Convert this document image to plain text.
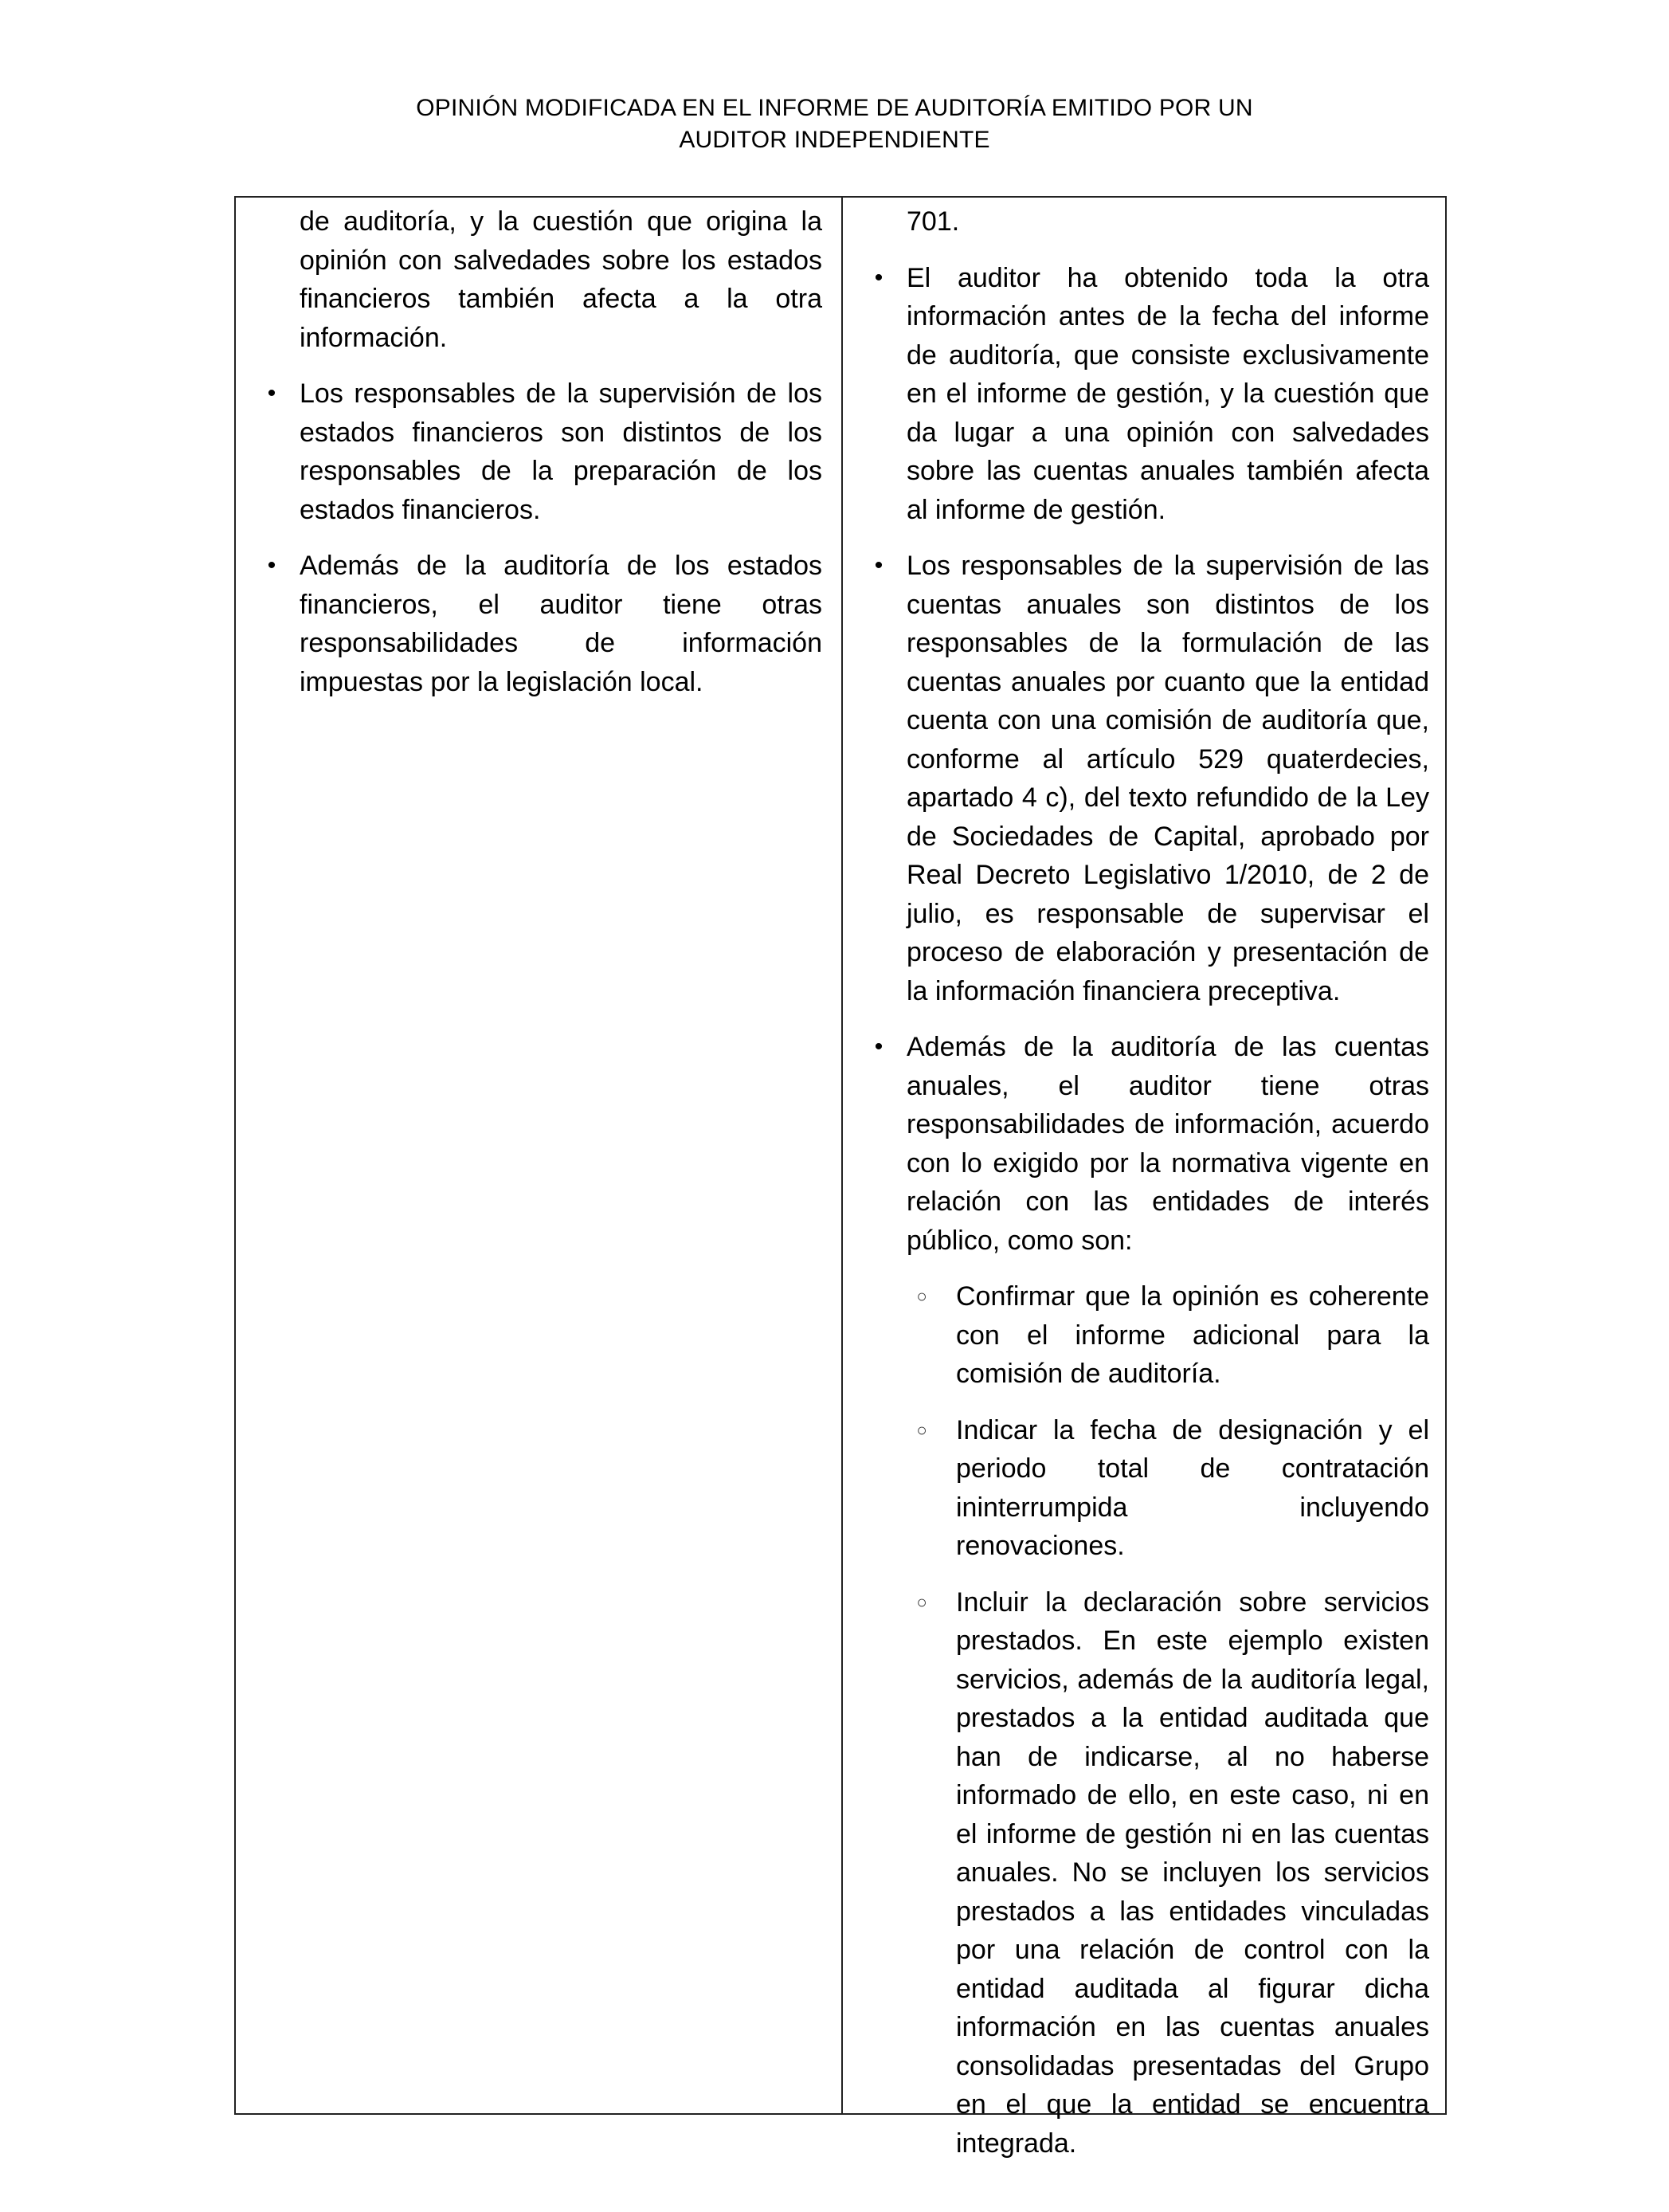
OPINIÓN MODIFICADA EN EL INFORME DE AUDITORÍA EMITIDO POR UN
AUDITOR INDEPENDIENTE

de auditoría, y la cuestión que origina la opinión con salvedades sobre los estados financieros también afecta a la otra información.

• Los responsables de la supervisión de los estados financieros son distintos de los responsables de la preparación de los estados financieros.

• Además de la auditoría de los estados financieros, el auditor tiene otras responsabilidades de información impuestas por la legislación local.

701.

• El auditor ha obtenido toda la otra información antes de la fecha del informe de auditoría, que consiste exclusivamente en el informe de gestión, y la cuestión que da lugar a una opinión con salvedades sobre las cuentas anuales también afecta al informe de gestión.

• Los responsables de la supervisión de las cuentas anuales son distintos de los responsables de la formulación de las cuentas anuales por cuanto que la entidad cuenta con una comisión de auditoría que, conforme al artículo 529 quaterdecies, apartado 4 c), del texto refundido de la Ley de Sociedades de Capital, aprobado por Real Decreto Legislativo 1/2010, de 2 de julio, es responsable de supervisar el proceso de elaboración y presentación de la información financiera preceptiva.

• Además de la auditoría de las cuentas anuales, el auditor tiene otras responsabilidades de información, acuerdo con lo exigido por la normativa vigente en relación con las entidades de interés público, como son:

○ Confirmar que la opinión es coherente con el informe adicional para la comisión de auditoría.

○ Indicar la fecha de designación y el periodo total de contratación ininterrumpida incluyendo renovaciones.

○ Incluir la declaración sobre servicios prestados. En este ejemplo existen servicios, además de la auditoría legal, prestados a la entidad auditada que han de indicarse, al no haberse informado de ello, en este caso, ni en el informe de gestión ni en las cuentas anuales. No se incluyen los servicios prestados a las entidades vinculadas por una relación de control con la entidad auditada al figurar dicha información en las cuentas anuales consolidadas presentadas del Grupo en el que la entidad se encuentra integrada.
